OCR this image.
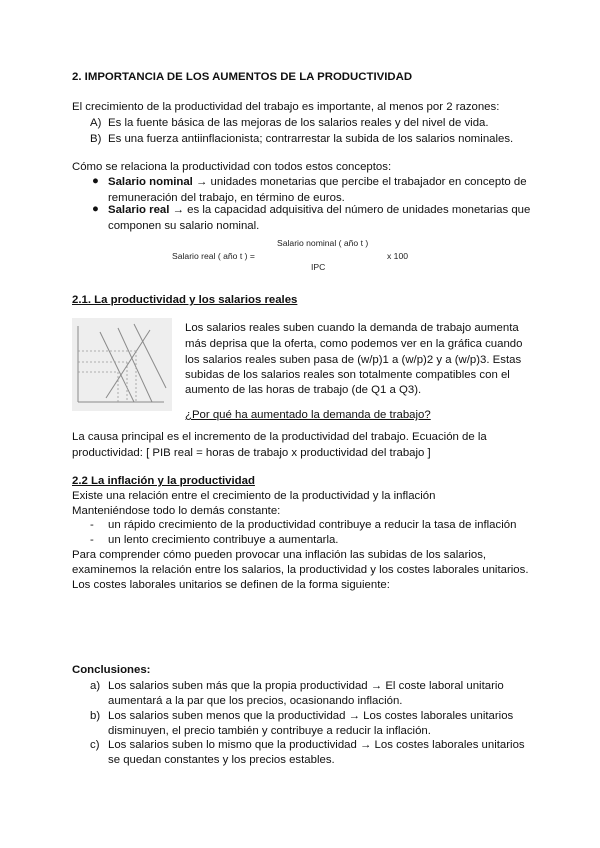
2. IMPORTANCIA DE LOS AUMENTOS DE LA PRODUCTIVIDAD
El crecimiento de la productividad del trabajo es importante, al menos por 2 razones:
A) Es la fuente básica de las mejoras de los salarios reales y del nivel de vida.
B) Es una fuerza antiinflacionista; contrarrestar la subida de los salarios nominales.
Cómo se relaciona la productividad con todos estos conceptos:
● Salario nominal → unidades monetarias que percibe el trabajador en concepto de
remuneración del trabajo, en término de euros.
● Salario real → es la capacidad adquisitiva del número de unidades monetarias que
componen su salario nominal.
Salario nominal ( año t )
Salario real ( año t ) =	x 100
IPC
2.1. La productividad y los salarios reales
Los salarios reales suben cuando la demanda de trabajo aumenta
más deprisa que la oferta, como podemos ver en la gráfica cuando
los salarios reales suben pasa de (w/p)1 a (w/p)2 y a (w/p)3. Estas
subidas de los salarios reales son totalmente compatibles con el
aumento de las horas de trabajo (de Q1 a Q3).
¿Por qué ha aumentado la demanda de trabajo?
La causa principal es el incremento de la productividad del trabajo. Ecuación de la
productividad: [ PIB real = horas de trabajo x productividad del trabajo ]
2.2 La inflación y la productividad
Existe una relación entre el crecimiento de la productividad y la inflación
Manteniéndose todo lo demás constante:
- un rápido crecimiento de la productividad contribuye a reducir la tasa de inflación
- un lento crecimiento contribuye a aumentarla.
Para comprender cómo pueden provocar una inflación las subidas de los salarios,
examinemos la relación entre los salarios, la productividad y los costes laborales unitarios.
Los costes laborales unitarios se definen de la forma siguiente:
Conclusiones:
a) Los salarios suben más que la propia productividad → El coste laboral unitario
aumentará a la par que los precios, ocasionando inflación.
b) Los salarios suben menos que la productividad → Los costes laborales unitarios
disminuyen, el precio también y contribuye a reducir la inflación.
c) Los salarios suben lo mismo que la productividad → Los costes laborales unitarios
se quedan constantes y los precios estables.
